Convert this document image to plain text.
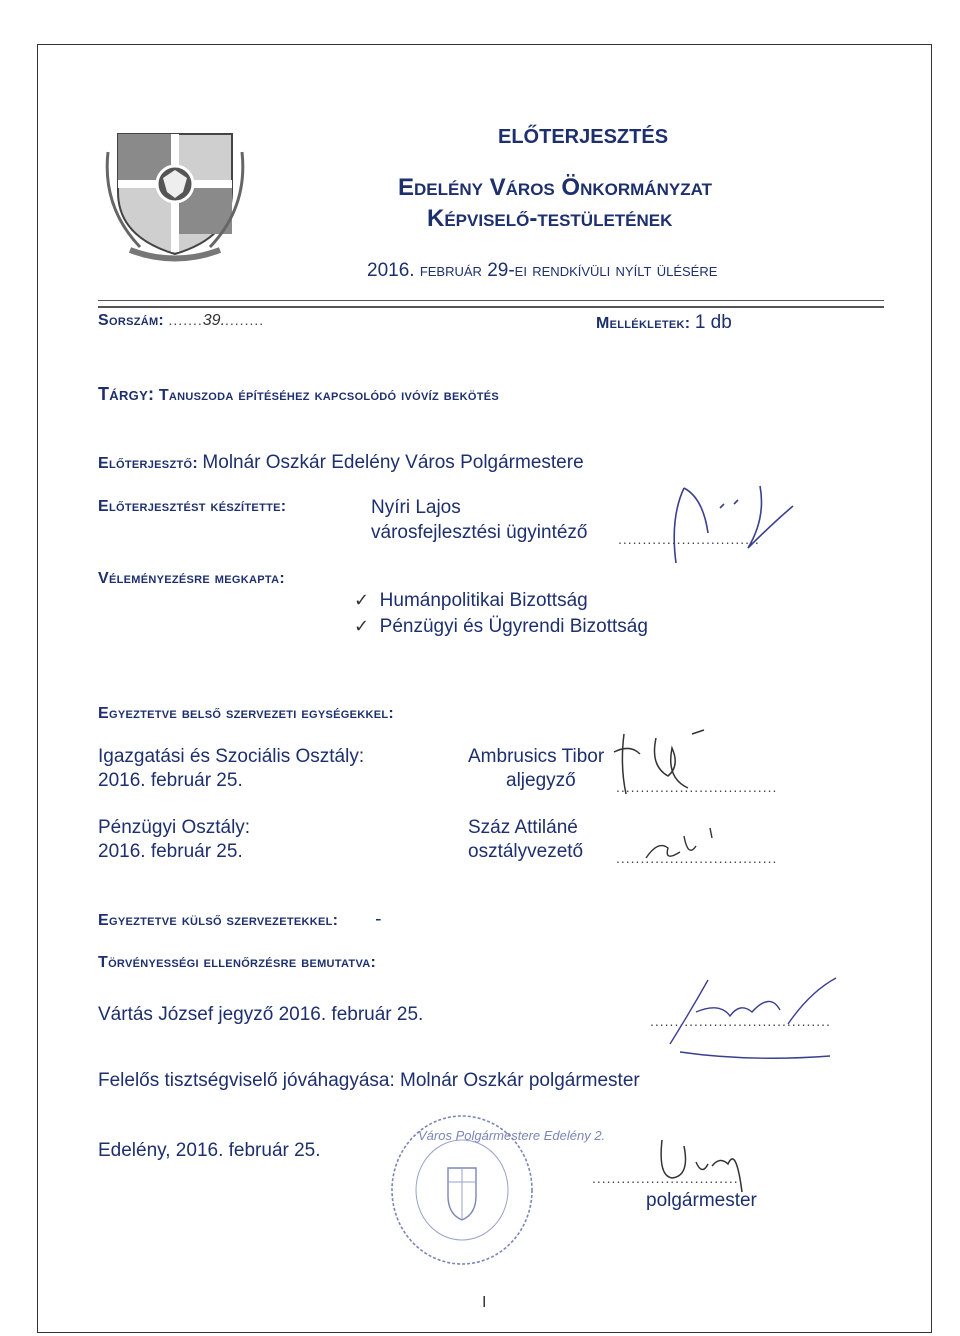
ELŐTERJESZTÉS
Edelény Város Önkormányzat
Képviselő-testületének
2016. február 29-ei rendkívüli nyílt ülésére
Sorszám: .......39.........	Mellékletek: 1 db
Tárgy: Tanuszoda építéséhez kapcsolódó ivóvíz bekötés
Előterjesztő: Molnár Oszkár Edelény Város Polgármestere
Előterjesztést készítette:	Nyíri Lajos
városfejlesztési ügyintéző .............................
Véleményezésre megkapta:
✓ Humánpolitikai Bizottság
✓ Pénzügyi és Ügyrendi Bizottság
Egyeztetve belső szervezeti egységekkel:
Igazgatási és Szociális Osztály:
2016. február 25.
Ambrusics Tibor
aljegyző	.................................
Pénzügyi Osztály:
2016. február 25.
Száz Attiláné
osztályvezető .................................
Egyeztetve külső szervezetekkel: -
Törvényességi ellenőrzésre bemutatva:
Vártás József jegyző 2016. február 25.	.....................................
Felelős tisztségviselő jóváhagyása: Molnár Oszkár polgármester
Edelény, 2016. február 25.
Város Polgármestere Edelény 2.
..............................
polgármester
I
